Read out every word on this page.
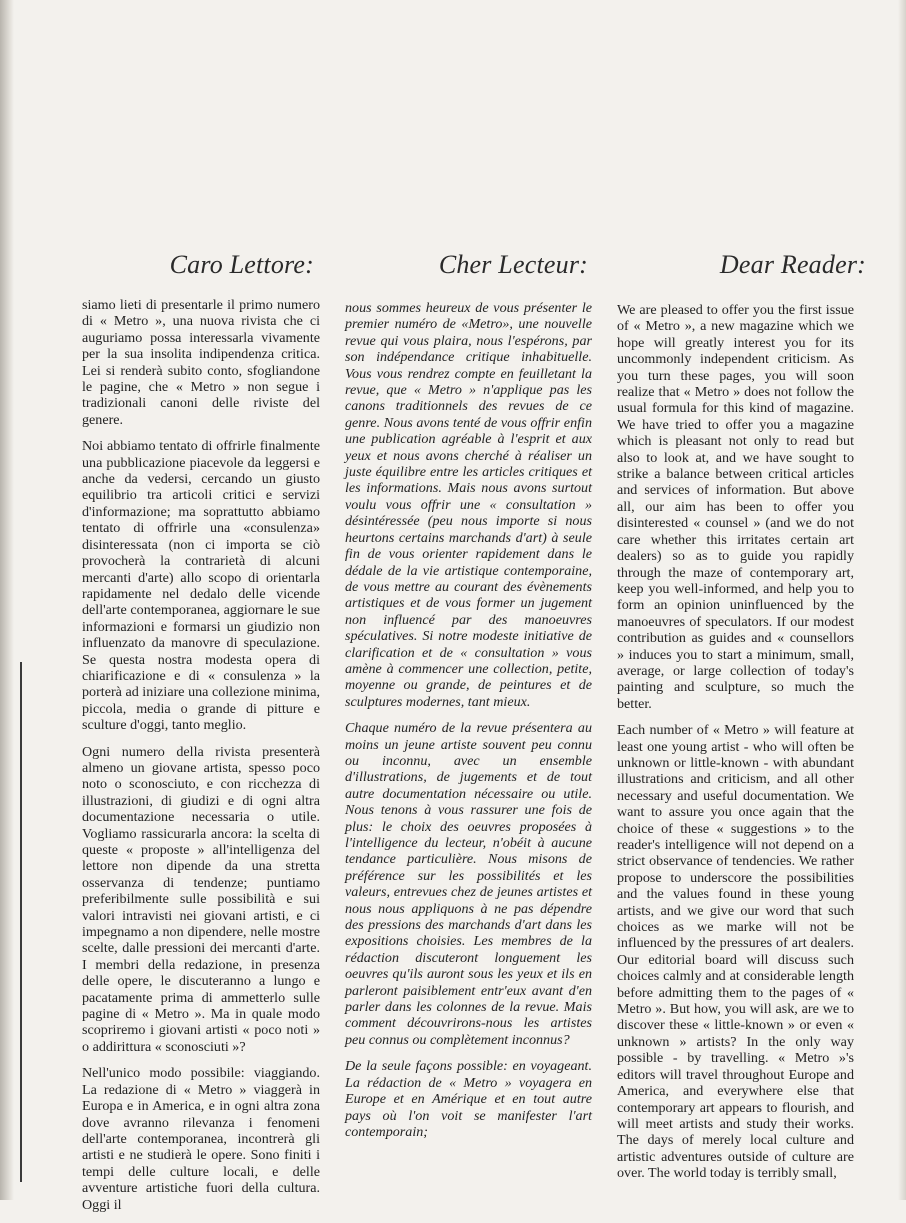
Caro Lettore:	Cher Lecteur:	Dear Reader:

siamo lieti di presentarle il primo numero di « Metro », una nuova rivista che ci auguriamo possa interessarla vivamente per la sua insolita indipendenza critica. Lei si renderà subito conto, sfogliandone le pagine, che « Metro » non segue i tradizionali canoni delle riviste del genere.

Noi abbiamo tentato di offrirle finalmente una pubblicazione piacevole da leggersi e anche da vedersi, cercando un giusto equilibrio tra articoli critici e servizi d'informazione; ma soprattutto abbiamo tentato di offrirle una «consulenza» disinteressata (non ci importa se ciò provocherà la contrarietà di alcuni mercanti d'arte) allo scopo di orientarla rapidamente nel dedalo delle vicende dell'arte contemporanea, aggiornare le sue informazioni e formarsi un giudizio non influenzato da manovre di speculazione. Se questa nostra modesta opera di chiarificazione e di « consulenza » la porterà ad iniziare una collezione minima, piccola, media o grande di pitture e sculture d'oggi, tanto meglio.

Ogni numero della rivista presenterà almeno un giovane artista, spesso poco noto o sconosciuto, e con ricchezza di illustrazioni, di giudizi e di ogni altra documentazione necessaria o utile. Vogliamo rassicurarla ancora: la scelta di queste « proposte » all'intelligenza del lettore non dipende da una stretta osservanza di tendenze; puntiamo preferibilmente sulle possibilità e sui valori intravisti nei giovani artisti, e ci impegnamo a non dipendere, nelle mostre scelte, dalle pressioni dei mercanti d'arte. I membri della redazione, in presenza delle opere, le discuteranno a lungo e pacatamente prima di ammetterlo sulle pagine di « Metro ». Ma in quale modo scopriremo i giovani artisti « poco noti » o addirittura « sconosciuti »?

Nell'unico modo possibile: viaggiando. La redazione di « Metro » viaggerà in Europa e in America, e in ogni altra zona dove avranno rilevanza i fenomeni dell'arte contemporanea, incontrerà gli artisti e ne studierà le opere. Sono finiti i tempi delle culture locali, e delle avventure artistiche fuori della cultura. Oggi il

nous sommes heureux de vous présenter le premier numéro de «Metro», une nouvelle revue qui vous plaira, nous l'espérons, par son indépendance critique inhabituelle. Vous vous rendrez compte en feuilletant la revue, que « Metro » n'applique pas les canons traditionnels des revues de ce genre. Nous avons tenté de vous offrir enfin une publication agréable à l'esprit et aux yeux et nous avons cherché à réaliser un juste équilibre entre les articles critiques et les informations. Mais nous avons surtout voulu vous offrir une « consultation » désintéressée (peu nous importe si nous heurtons certains marchands d'art) à seule fin de vous orienter rapidement dans le dédale de la vie artistique contemporaine, de vous mettre au courant des évènements artistiques et de vous former un jugement non influencé par des manoeuvres spéculatives. Si notre modeste initiative de clarification et de « consultation » vous amène à commencer une collection, petite, moyenne ou grande, de peintures et de sculptures modernes, tant mieux.

Chaque numéro de la revue présentera au moins un jeune artiste souvent peu connu ou inconnu, avec un ensemble d'illustrations, de jugements et de tout autre documentation nécessaire ou utile. Nous tenons à vous rassurer une fois de plus: le choix des oeuvres proposées à l'intelligence du lecteur, n'obéit à aucune tendance particulière. Nous misons de préférence sur les possibilités et les valeurs, entrevues chez de jeunes artistes et nous nous appliquons à ne pas dépendre des pressions des marchands d'art dans les expositions choisies. Les membres de la rédaction discuteront longuement les oeuvres qu'ils auront sous les yeux et ils en parleront paisiblement entr'eux avant d'en parler dans les colonnes de la revue. Mais comment découvrirons-nous les artistes peu connus ou complètement inconnus?

De la seule façons possible: en voyageant. La rédaction de « Metro » voyagera en Europe et en Amérique et en tout autre pays où l'on voit se manifester l'art contemporain;

We are pleased to offer you the first issue of « Metro », a new magazine which we hope will greatly interest you for its uncommonly independent criticism. As you turn these pages, you will soon realize that « Metro » does not follow the usual formula for this kind of magazine. We have tried to offer you a magazine which is pleasant not only to read but also to look at, and we have sought to strike a balance between critical articles and services of information. But above all, our aim has been to offer you disinterested « counsel » (and we do not care whether this irritates certain art dealers) so as to guide you rapidly through the maze of contemporary art, keep you well-informed, and help you to form an opinion uninfluenced by the manoeuvres of speculators. If our modest contribution as guides and « counsellors » induces you to start a minimum, small, average, or large collection of today's painting and sculpture, so much the better.

Each number of « Metro » will feature at least one young artist - who will often be unknown or little-known - with abundant illustrations and criticism, and all other necessary and useful documentation. We want to assure you once again that the choice of these « suggestions » to the reader's intelligence will not depend on a strict observance of tendencies. We rather propose to underscore the possibilities and the values found in these young artists, and we give our word that such choices as we marke will not be influenced by the pressures of art dealers. Our editorial board will discuss such choices calmly and at considerable length before admitting them to the pages of « Metro ». But how, you will ask, are we to discover these « little-known » or even « unknown » artists? In the only way possible - by travelling. « Metro »'s editors will travel throughout Europe and America, and everywhere else that contemporary art appears to flourish, and will meet artists and study their works. The days of merely local culture and artistic adventures outside of culture are over. The world today is terribly small,
